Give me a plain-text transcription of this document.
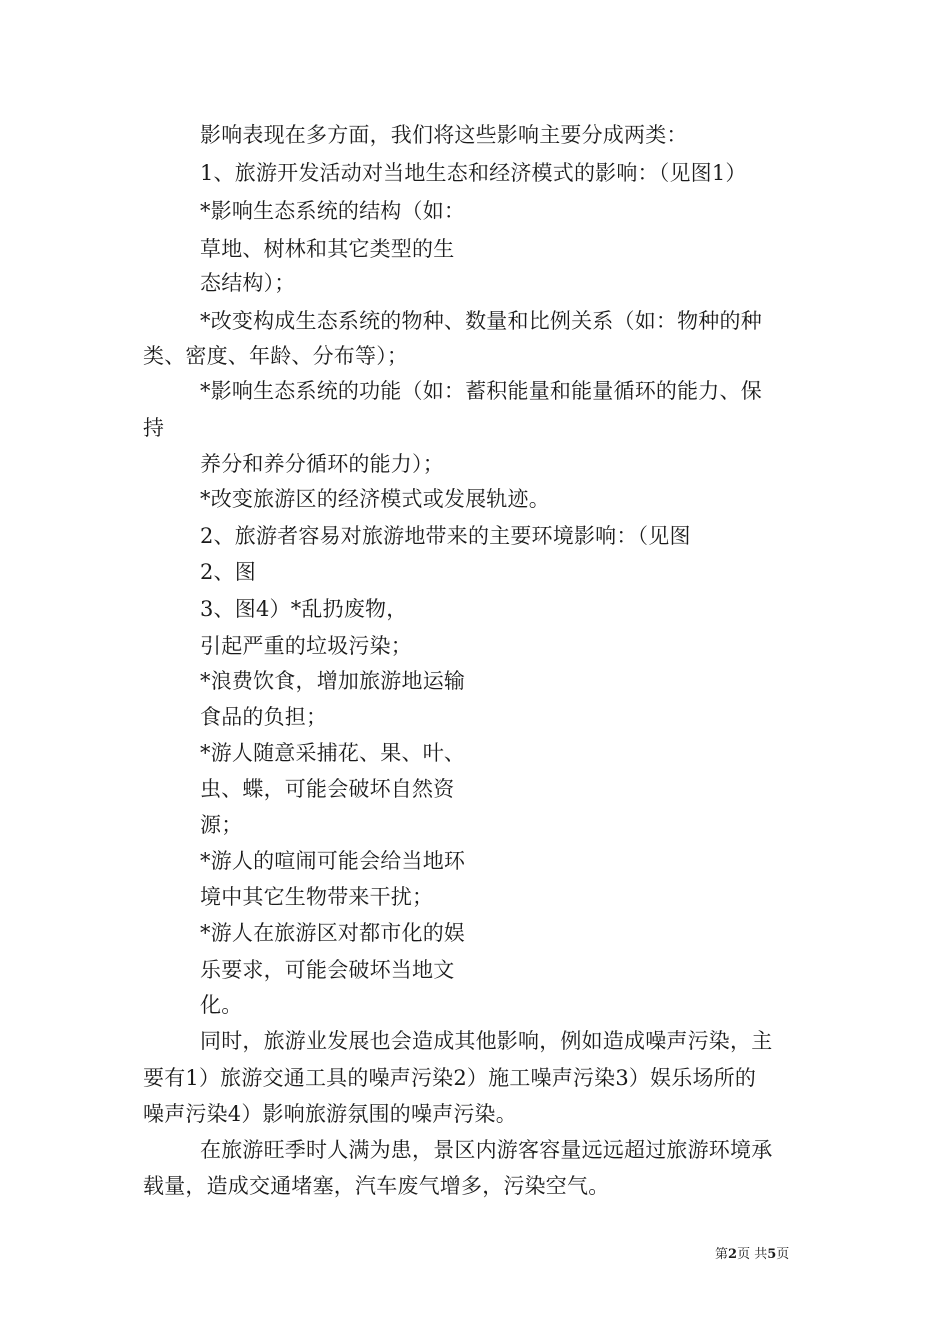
影响表现在多方面，我们将这些影响主要分成两类：
1、旅游开发活动对当地生态和经济模式的影响：（见图1）
*影响生态系统的结构（如：
草地、树林和其它类型的生
态结构）；
*改变构成生态系统的物种、数量和比例关系（如：物种的种
类、密度、年龄、分布等）；
*影响生态系统的功能（如：蓄积能量和能量循环的能力、保
持
养分和养分循环的能力）；
*改变旅游区的经济模式或发展轨迹。
2、旅游者容易对旅游地带来的主要环境影响：（见图
2、图
3、图4）*乱扔废物，
引起严重的垃圾污染；
*浪费饮食，增加旅游地运输
食品的负担；
*游人随意采捕花、果、叶、
虫、蝶，可能会破坏自然资
源；
*游人的喧闹可能会给当地环
境中其它生物带来干扰；
*游人在旅游区对都市化的娱
乐要求，可能会破坏当地文
化。
同时，旅游业发展也会造成其他影响，例如造成噪声污染，主
要有1）旅游交通工具的噪声污染2）施工噪声污染3）娱乐场所的
噪声污染4）影响旅游氛围的噪声污染。
在旅游旺季时人满为患，景区内游客容量远远超过旅游环境承
载量，造成交通堵塞，汽车废气增多，污染空气。
第2页 共5页
